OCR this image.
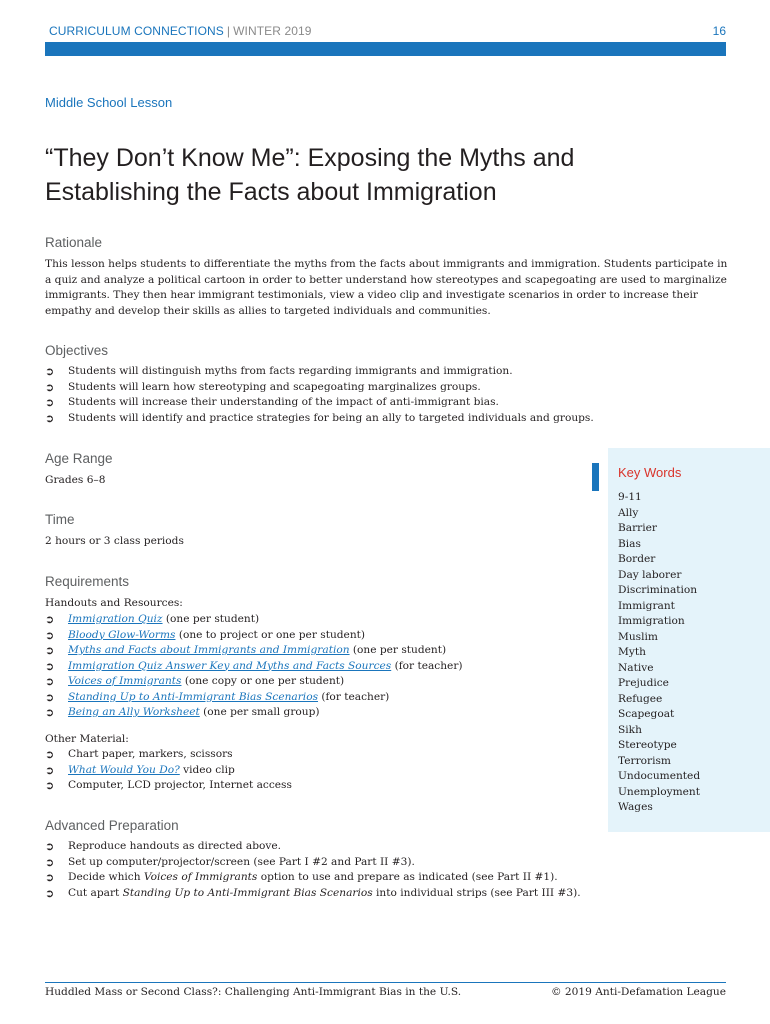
CURRICULUM CONNECTIONS | WINTER 2019	16
Middle School Lesson
“They Don’t Know Me”: Exposing the Myths and
Establishing the Facts about Immigration
Rationale

This lesson helps students to differentiate the myths from the facts about immigrants and immigration. Students participate in a quiz and analyze a political cartoon in order to better understand how stereotypes and scapegoating are used to marginalize immigrants. They then hear immigrant testimonials, view a video clip and investigate scenarios in order to increase their empathy and develop their skills as allies to targeted individuals and communities.

Objectives
➲ Students will distinguish myths from facts regarding immigrants and immigration.
➲ Students will learn how stereotyping and scapegoating marginalizes groups.
➲ Students will increase their understanding of the impact of anti-immigrant bias.
➲ Students will identify and practice strategies for being an ally to targeted individuals and groups.
Age Range
Grades 6–8
Time
2 hours or 3 class periods
Requirements
Handouts and Resources:
➲ Immigration Quiz (one per student)
➲ Bloody Glow-Worms (one to project or one per student)
➲ Myths and Facts about Immigrants and Immigration (one per student)
➲ Immigration Quiz Answer Key and Myths and Facts Sources (for teacher)
➲ Voices of Immigrants (one copy or one per student)
➲ Standing Up to Anti-Immigrant Bias Scenarios (for teacher)
➲ Being an Ally Worksheet (one per small group)
Other Material:
➲ Chart paper, markers, scissors
➲ What Would You Do? video clip
➲ Computer, LCD projector, Internet access
Advanced Preparation
➲ Reproduce handouts as directed above.
➲ Set up computer/projector/screen (see Part I #2 and Part II #3).
➲ Decide which Voices of Immigrants option to use and prepare as indicated (see Part II #1).
➲ Cut apart Standing Up to Anti-Immigrant Bias Scenarios into individual strips (see Part III #3).
Key Words
9-11
Ally
Barrier
Bias
Border
Day laborer
Discrimination
Immigrant
Immigration
Muslim
Myth
Native
Prejudice
Refugee
Scapegoat
Sikh
Stereotype
Terrorism
Undocumented
Unemployment
Wages
Huddled Mass or Second Class?: Challenging Anti-Immigrant Bias in the U.S.	© 2019 Anti-Defamation League
